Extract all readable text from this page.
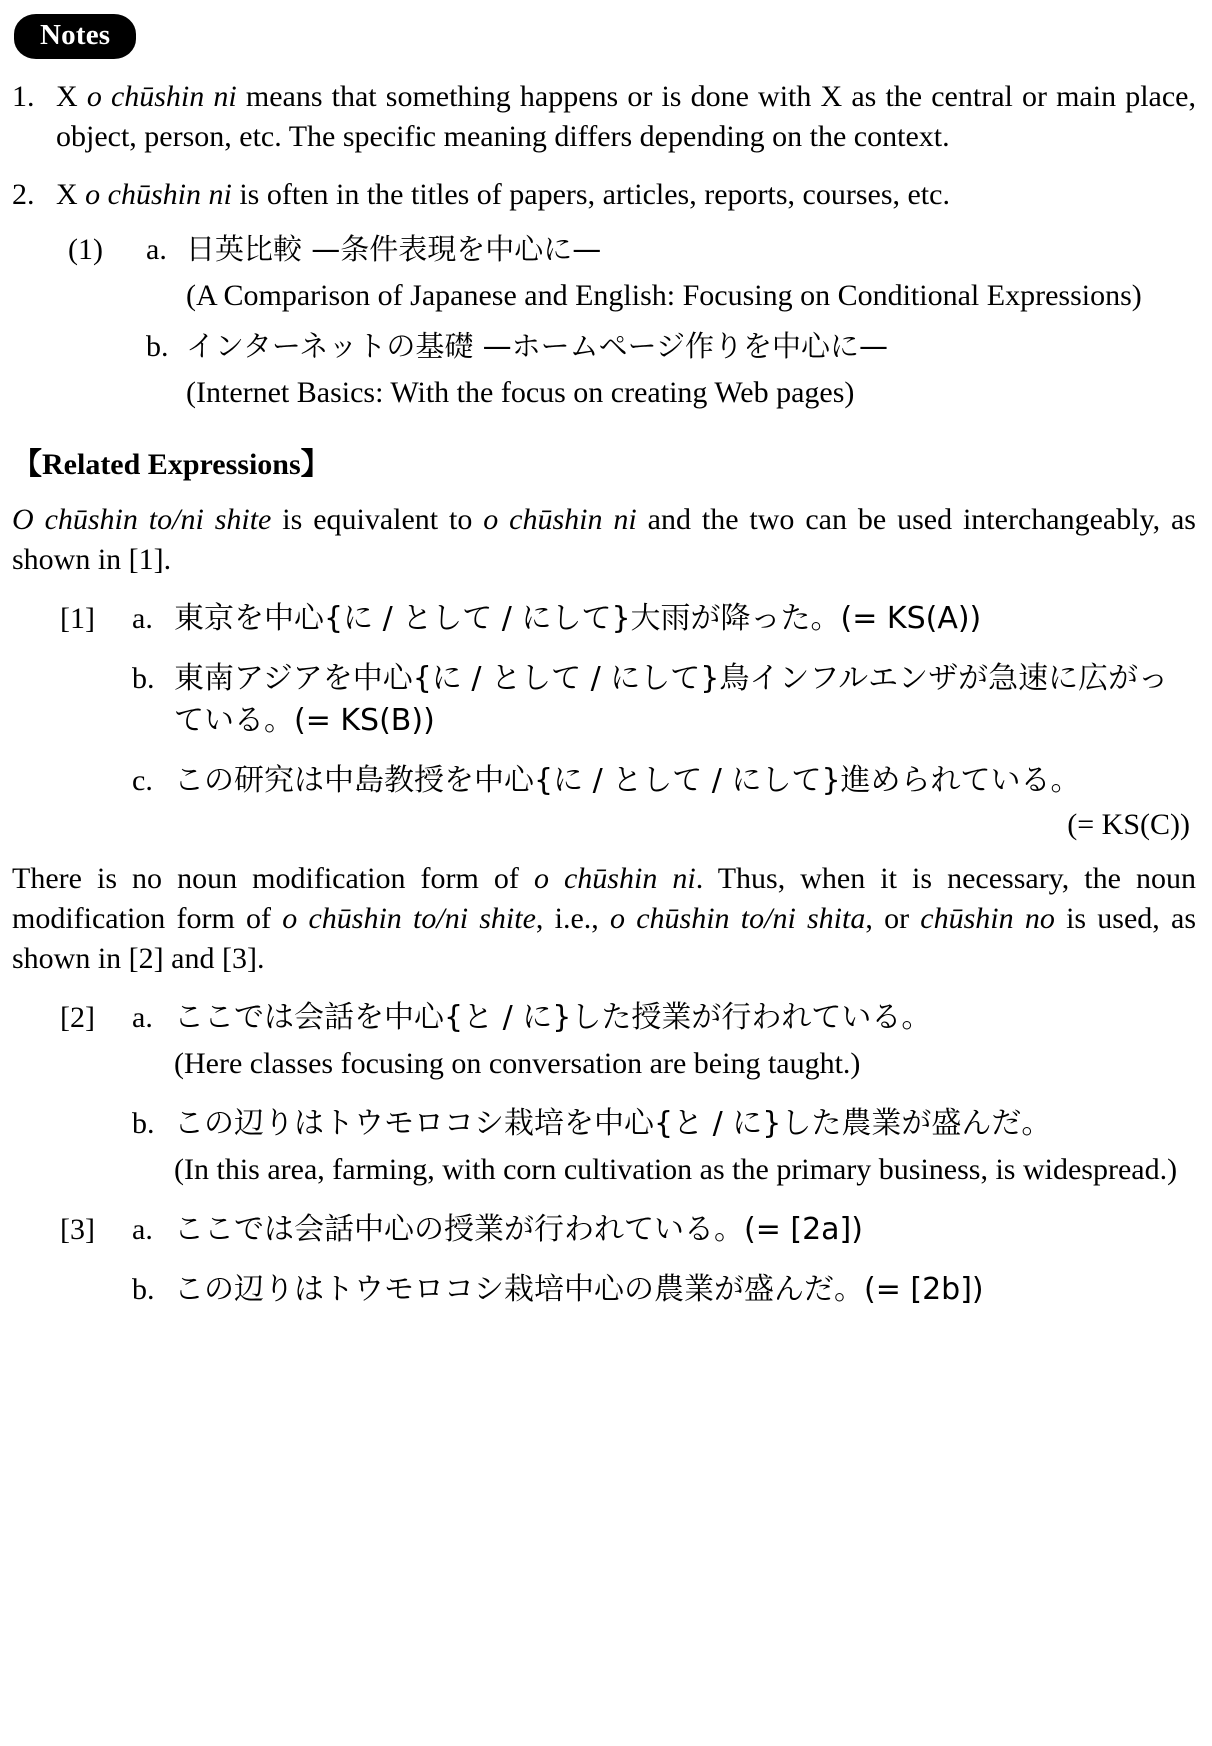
Notes
1. X o chūshin ni means that something happens or is done with X as the central or main place, object, person, etc. The specific meaning differs depending on the context.
2. X o chūshin ni is often in the titles of papers, articles, reports, courses, etc.
(1)	a. 日英比較 —条件表現を中心に—
(A Comparison of Japanese and English: Focusing on Conditional Expressions)
b. インターネットの基礎 —ホームページ作りを中心に—
(Internet Basics: With the focus on creating Web pages)
【Related Expressions】
O chūshin to/ni shite is equivalent to o chūshin ni and the two can be used interchangeably, as shown in [1].
[1]	a. 東京を中心{に / として / にして}大雨が降った。(= KS(A))
b. 東南アジアを中心{に / として / にして}鳥インフルエンザが急速に広がっている。(= KS(B))
c. この研究は中島教授を中心{に / として / にして}進められている。
(= KS(C))
There is no noun modification form of o chūshin ni. Thus, when it is necessary, the noun modification form of o chūshin to/ni shite, i.e., o chūshin to/ni shita, or chūshin no is used, as shown in [2] and [3].
[2]	a. ここでは会話を中心{と / に}した授業が行われている。
(Here classes focusing on conversation are being taught.)
b. この辺りはトウモロコシ栽培を中心{と / に}した農業が盛んだ。
(In this area, farming, with corn cultivation as the primary business, is widespread.)
[3]	a. ここでは会話中心の授業が行われている。(= [2a])
b. この辺りはトウモロコシ栽培中心の農業が盛んだ。(= [2b])
